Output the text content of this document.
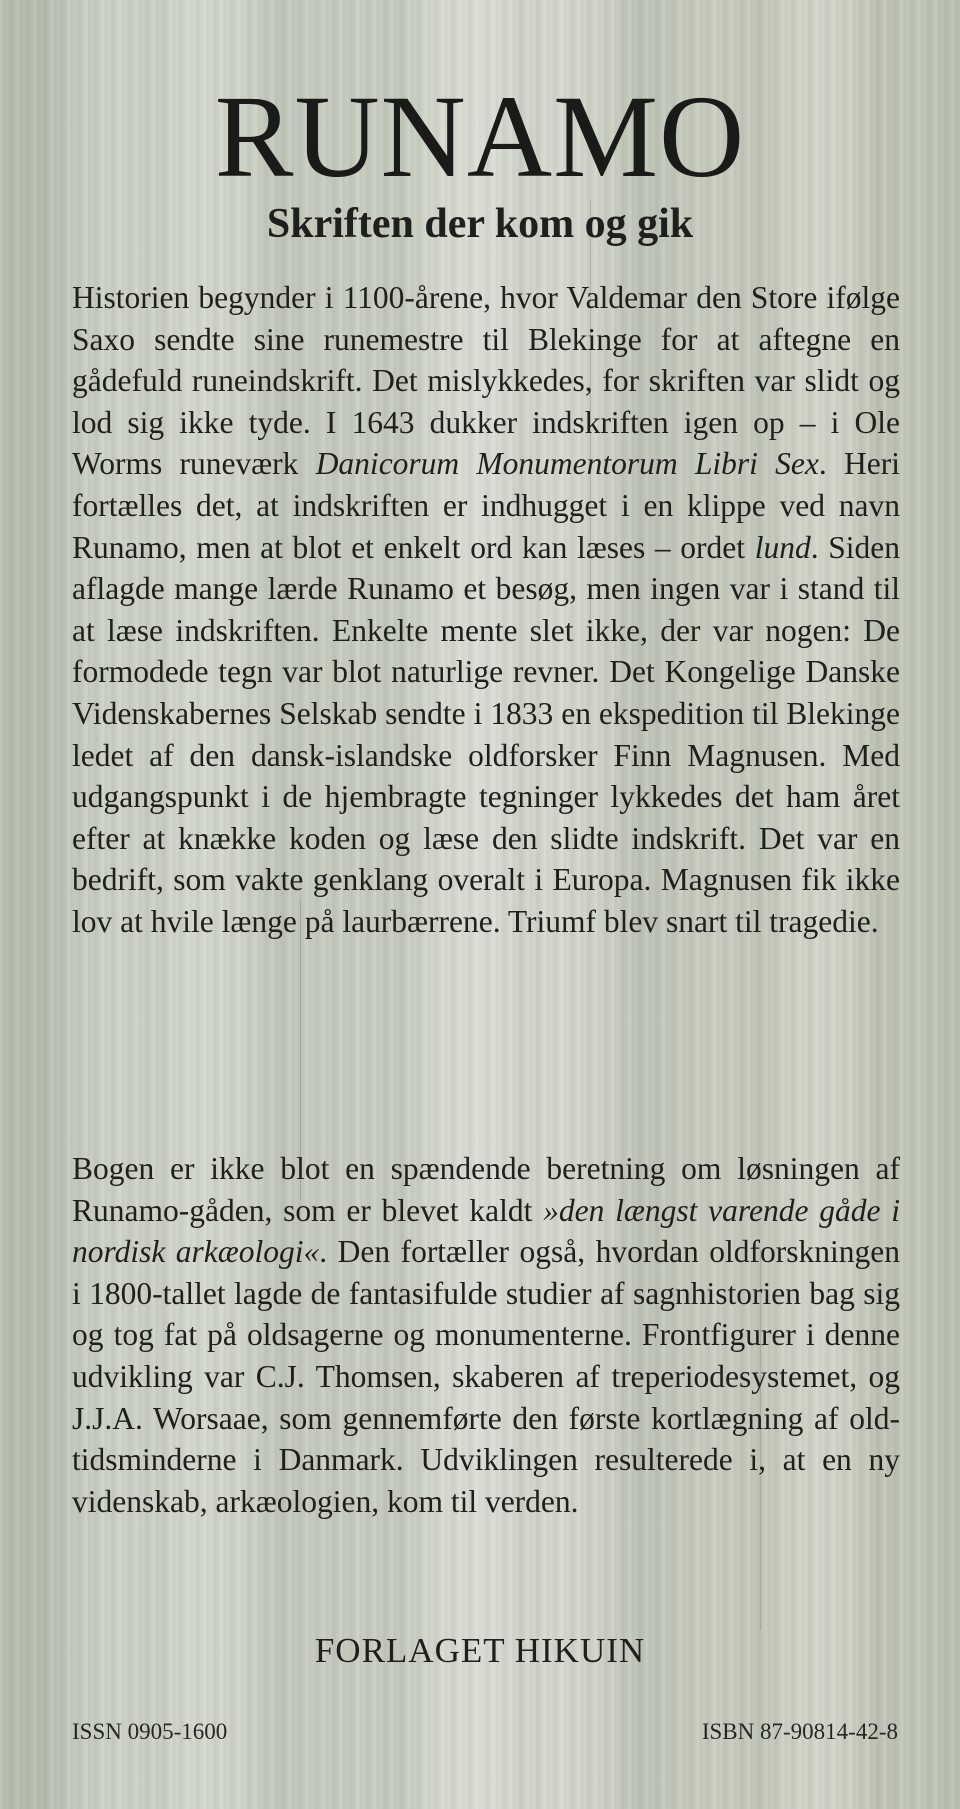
RUNAMO
Skriften der kom og gik

Historien begynder i 1100-årene, hvor Valdemar den Store ifølge Saxo sendte sine runemestre til Blekinge for at aftegne en gådefuld runeindskrift. Det mislykkedes, for skriften var slidt og lod sig ikke tyde. I 1643 dukker indskriften igen op – i Ole Worms runeværk Danicorum Monumentorum Libri Sex. Heri fortælles det, at indskriften er indhugget i en klippe ved navn Runamo, men at blot et enkelt ord kan læses – ordet lund. Siden aflagde mange lærde Runamo et besøg, men ingen var i stand til at læse indskriften. Enkelte mente slet ikke, der var nogen: De formodede tegn var blot naturlige revner. Det Kongelige Danske Videnskabernes Selskab sendte i 1833 en ekspedition til Blekinge ledet af den dansk-islandske oldforsker Finn Magnusen. Med udgangspunkt i de hjembragte tegninger lykkedes det ham året efter at knække koden og læse den slidte indskrift. Det var en bedrift, som vakte genklang overalt i Europa. Magnusen fik ikke lov at hvile længe på laurbærrene. Triumf blev snart til tragedie.

Bogen er ikke blot en spændende beretning om løsningen af Runamo-gåden, som er blevet kaldt »den længst varende gåde i nordisk arkæologi«. Den fortæller også, hvordan oldforskningen i 1800-tallet lagde de fantasifulde studier af sagnhistorien bag sig og tog fat på oldsagerne og monumenterne. Frontfigurer i denne udvikling var C.J. Thomsen, skaberen af treperiodesystemet, og J.J.A. Worsaae, som gennemførte den første kortlægning af oldtidsminderne i Danmark. Udviklingen resulterede i, at en ny videnskab, arkæologien, kom til verden.

FORLAGET HIKUIN
ISSN 0905-1600	ISBN 87-90814-42-8
